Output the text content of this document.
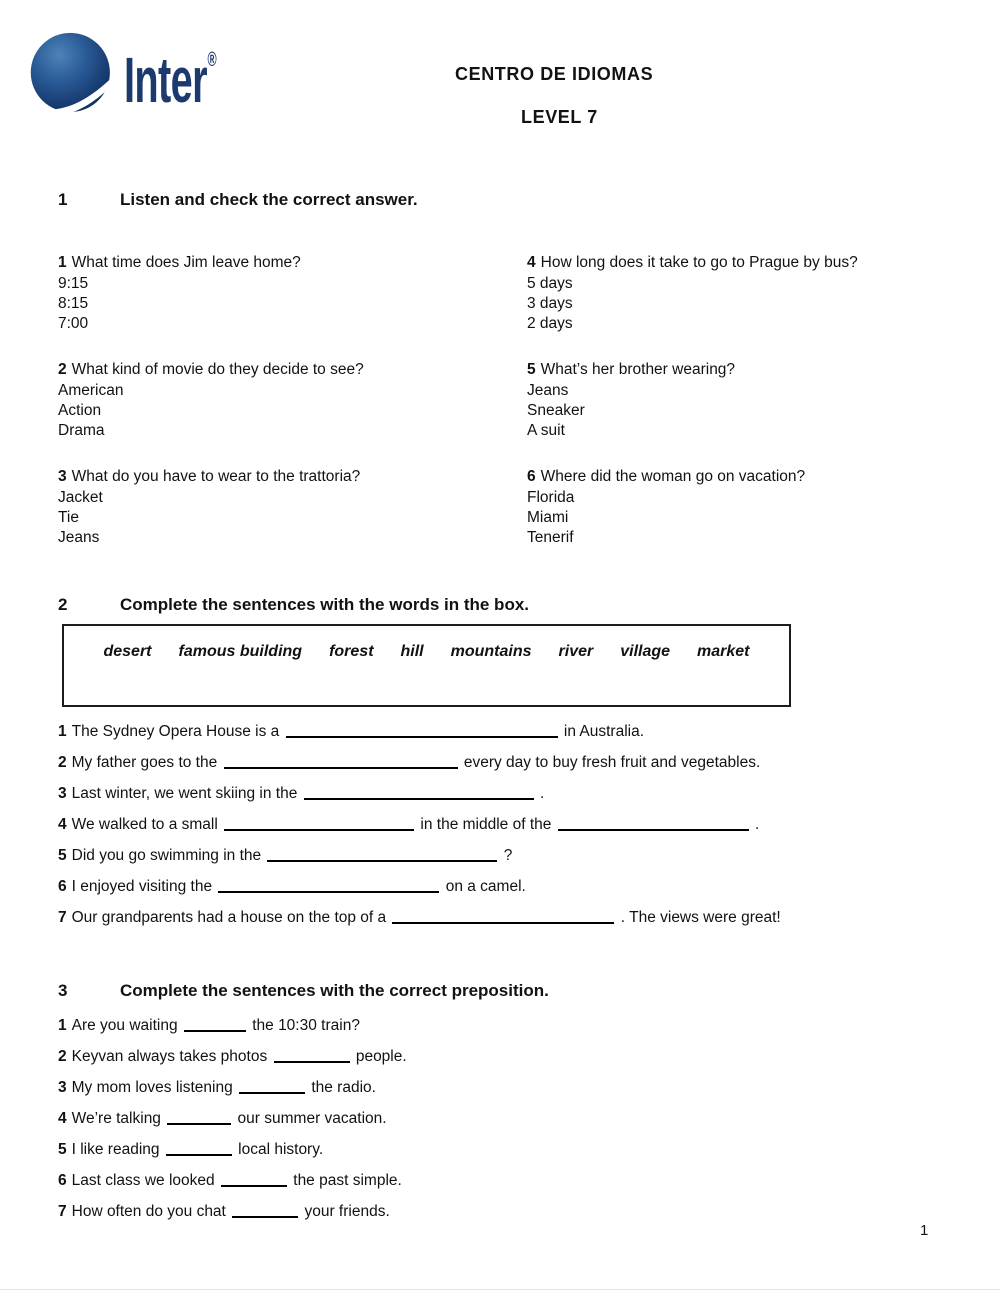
Inter®
CENTRO DE IDIOMAS
LEVEL 7
1	Listen and check the correct answer.
1 What time does Jim leave home?
9:15
8:15
7:00
2 What kind of movie do they decide to see?
American
Action
Drama
3 What do you have to wear to the trattoria?
Jacket
Tie
Jeans
4 How long does it take to go to Prague by bus?
5 days
3 days
2 days
5 What’s her brother wearing?
Jeans
Sneaker
A suit
6 Where did the woman go on vacation?
Florida
Miami
Tenerif
2	Complete the sentences with the words in the box.
desert famous building forest hill mountains river village market
1 The Sydney Opera House is a	in Australia.
2 My father goes to the	every day to buy fresh fruit and vegetables.
3 Last winter, we went skiing in the	.
4 We walked to a small	in the middle of the	.
5 Did you go swimming in the	?
6 I enjoyed visiting the	on a camel.
7 Our grandparents had a house on the top of a	. The views were great!
3	Complete the sentences with the correct preposition.
1 Are you waiting	the 10:30 train?
2 Keyvan always takes photos	people.
3 My mom loves listening	the radio.
4 We’re talking	our summer vacation.
5 I like reading	local history.
6 Last class we looked	the past simple.
7 How often do you chat	your friends.
1
